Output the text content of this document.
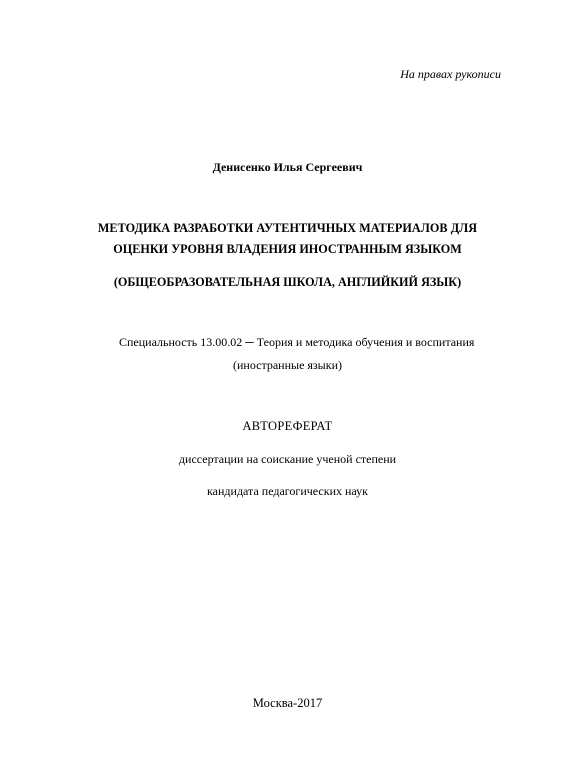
На правах рукописи
Денисенко Илья Сергеевич
МЕТОДИКА РАЗРАБОТКИ АУТЕНТИЧНЫХ МАТЕРИАЛОВ ДЛЯ
ОЦЕНКИ УРОВНЯ ВЛАДЕНИЯ ИНОСТРАННЫМ ЯЗЫКОМ
(ОБЩЕОБРАЗОВАТЕЛЬНАЯ ШКОЛА, АНГЛИЙКИЙ ЯЗЫК)
Специальность 13.00.02 ─ Теория и методика обучения и воспитания
(иностранные языки)
АВТОРЕФЕРАТ
диссертации на соискание ученой степени
кандидата педагогических наук
Москва-2017
